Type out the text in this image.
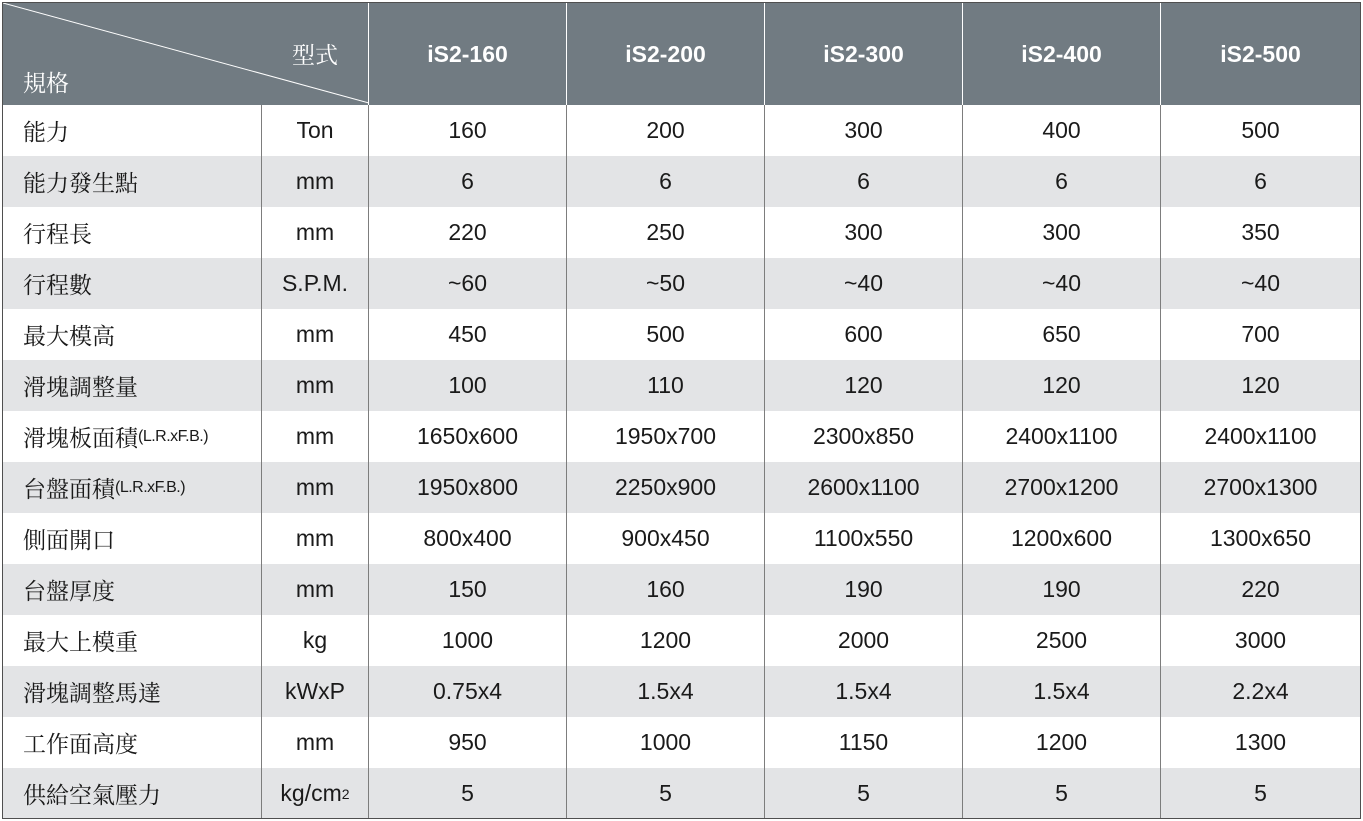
型式
規格
iS2-160	iS2-200	iS2-300	iS2-400	iS2-500
能力	Ton	160	200	300	400	500
能力發生點	mm	6	6	6	6	6
行程長	mm	220	250	300	300	350
行程數	S.P.M.	~60	~50	~40	~40	~40
最大模高	mm	450	500	600	650	700
滑塊調整量	mm	100	110	120	120	120
滑塊板面積 (L.R.xF.B.)	mm	1650x600	1950x700	2300x850	2400x1100	2400x1100
台盤面積 (L.R.xF.B.)	mm	1950x800	2250x900	2600x1100	2700x1200	2700x1300
側面開口	mm	800x400	900x450	1100x550	1200x600	1300x650
台盤厚度	mm	150	160	190	190	220
最大上模重	kg	1000	1200	2000	2500	3000
滑塊調整馬達	kWxP	0.75x4	1.5x4	1.5x4	1.5x4	2.2x4
工作面高度	mm	950	1000	1150	1200	1300
供給空氣壓力	kg/cm 2	5	5	5	5	5
